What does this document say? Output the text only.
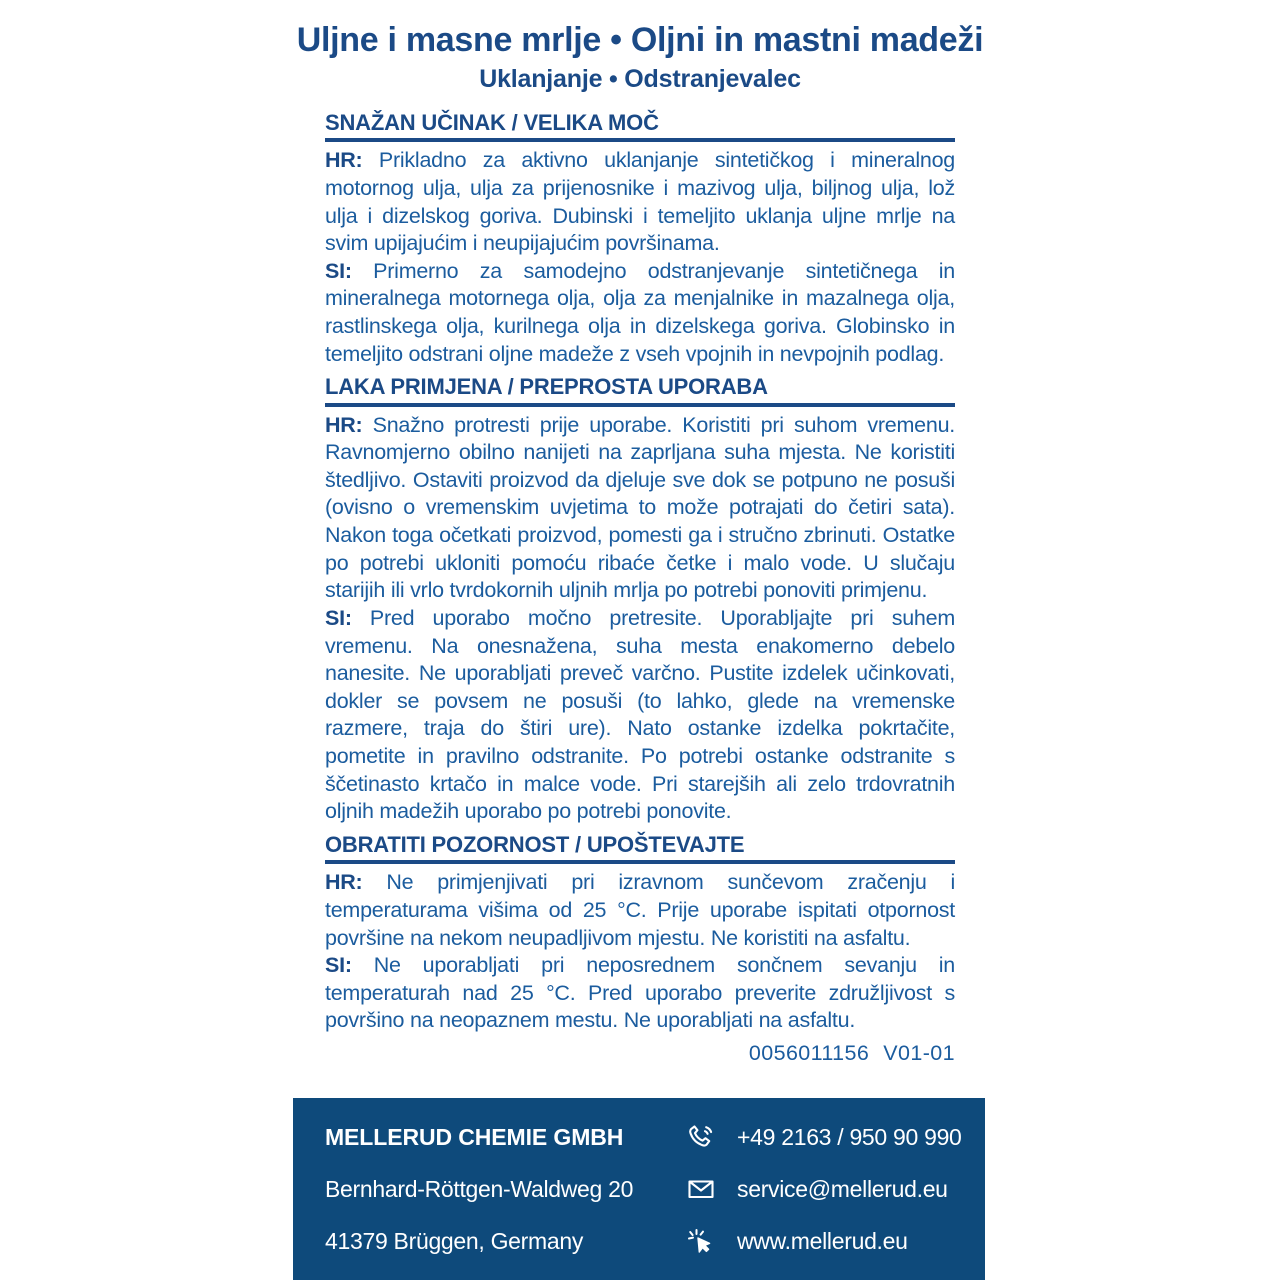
Uljne i masne mrlje • Oljni in mastni madeži
Uklanjanje • Odstranjevalec
SNAŽAN UČINAK / VELIKA MOČ

HR: Prikladno za aktivno uklanjanje sintetičkog i mineralnog motornog ulja, ulja za prijenosnike i mazivog ulja, biljnog ulja, lož ulja i dizelskog goriva. Dubinski i temeljito uklanja uljne mrlje na svim upijajućim i neupijajućim površinama.

SI: Primerno za samodejno odstranjevanje sintetičnega in mineralnega motornega olja, olja za menjalnike in mazalnega olja, rastlinskega olja, kurilnega olja in dizelskega goriva. Globinsko in temeljito odstrani oljne madeže z vseh vpojnih in nevpojnih podlag.

LAKA PRIMJENA / PREPROSTA UPORABA

HR: Snažno protresti prije uporabe. Koristiti pri suhom vremenu. Ravnomjerno obilno nanijeti na zaprljana suha mjesta. Ne koristiti štedljivo. Ostaviti proizvod da djeluje sve dok se potpuno ne posuši (ovisno o vremenskim uvjetima to može potrajati do četiri sata). Nakon toga očetkati proizvod, pomesti ga i stručno zbrinuti. Ostatke po potrebi ukloniti pomoću ribaće četke i malo vode. U slučaju starijih ili vrlo tvrdokornih uljnih mrlja po potrebi ponoviti primjenu.

SI: Pred uporabo močno pretresite. Uporabljajte pri suhem vremenu. Na onesnažena, suha mesta enakomerno debelo nanesite. Ne uporabljati preveč varčno. Pustite izdelek učinkovati, dokler se povsem ne posuši (to lahko, glede na vremenske razmere, traja do štiri ure). Nato ostanke izdelka pokrtačite, pometite in pravilno odstranite. Po potrebi ostanke odstranite s ščetinasto krtačo in malce vode. Pri starejših ali zelo trdovratnih oljnih madežih uporabo po potrebi ponovite.

OBRATITI POZORNOST / UPOŠTEVAJTE

HR: Ne primjenjivati pri izravnom sunčevom zračenju i temperaturama višima od 25 °C. Prije uporabe ispitati otpornost površine na nekom neupadljivom mjestu. Ne koristiti na asfaltu.

SI: Ne uporabljati pri neposrednem sončnem sevanju in temperaturah nad 25 °C. Pred uporabo preverite združljivost s površino na neopaznem mestu. Ne uporabljati na asfaltu.

0056011156 V01-01
MELLERUD CHEMIE GMBH
Bernhard-Röttgen-Waldweg 20
41379 Brüggen, Germany
+49 2163 / 950 90 990
service@mellerud.eu
www.mellerud.eu
